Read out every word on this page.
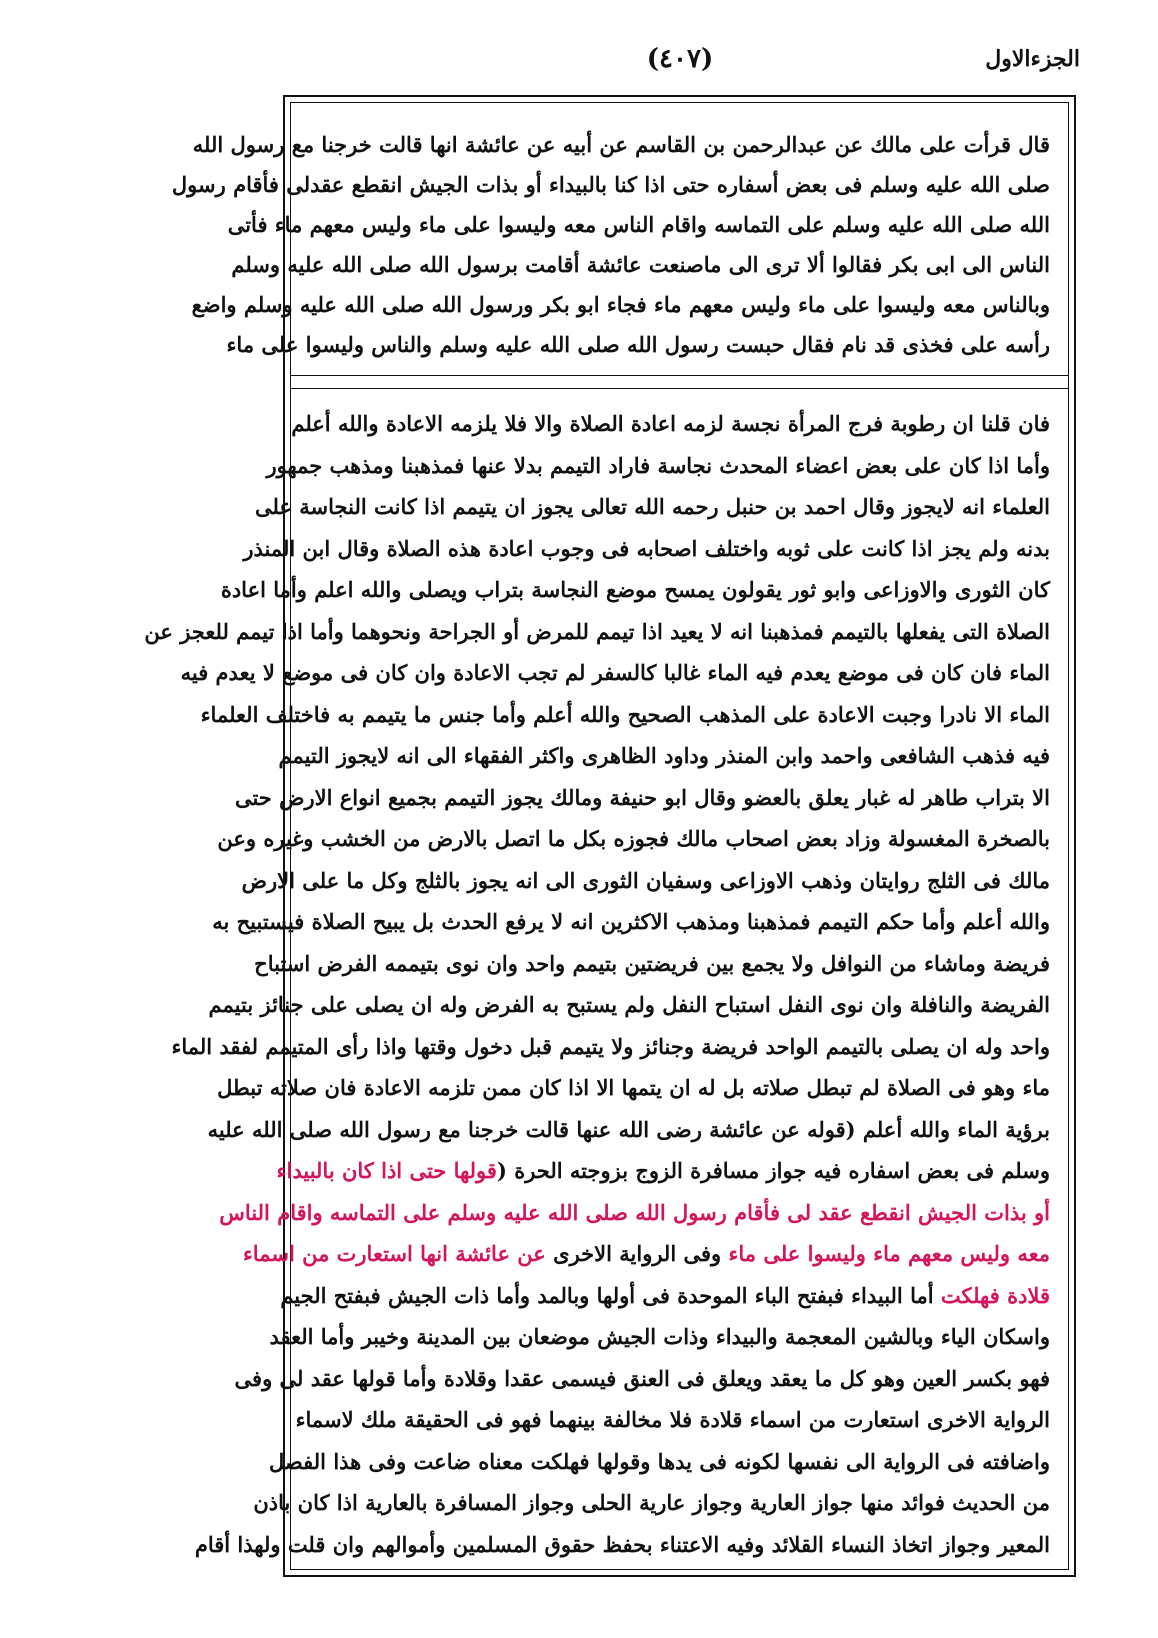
الجزءالاول
(٤٠٧)
قال قرأت على مالك عن عبدالرحمن بن القاسم عن أبيه عن عائشة انها قالت خرجنا مع رسول الله
صلى الله عليه وسلم فى بعض أسفاره حتى اذا كنا بالبيداء أو بذات الجيش انقطع عقدلى فأقام رسول
الله صلى الله عليه وسلم على التماسه واقام الناس معه وليسوا على ماء وليس معهم ماء فأتى
الناس الى ابى بكر فقالوا ألا ترى الى ماصنعت عائشة أقامت برسول الله صلى الله عليه وسلم
وبالناس معه وليسوا على ماء وليس معهم ماء فجاء ابو بكر ورسول الله صلى الله عليه وسلم واضع
رأسه على فخذى قد نام فقال حبست رسول الله صلى الله عليه وسلم والناس وليسوا على ماء
فان قلنا ان رطوبة فرج المرأة نجسة لزمه اعادة الصلاة والا فلا يلزمه الاعادة والله أعلم
وأما اذا كان على بعض اعضاء المحدث نجاسة فاراد التيمم بدلا عنها فمذهبنا ومذهب جمهور
العلماء انه لايجوز وقال احمد بن حنبل رحمه الله تعالى يجوز ان يتيمم اذا كانت النجاسة على
بدنه ولم يجز اذا كانت على ثوبه واختلف اصحابه فى وجوب اعادة هذه الصلاة وقال ابن المنذر
كان الثورى والاوزاعى وابو ثور يقولون يمسح موضع النجاسة بتراب ويصلى والله اعلم وأما اعادة
الصلاة التى يفعلها بالتيمم فمذهبنا انه لا يعيد اذا تيمم للمرض أو الجراحة ونحوهما وأما اذا تيمم للعجز عن
الماء فان كان فى موضع يعدم فيه الماء غالبا كالسفر لم تجب الاعادة وان كان فى موضع لا يعدم فيه
الماء الا نادرا وجبت الاعادة على المذهب الصحيح والله أعلم وأما جنس ما يتيمم به فاختلف العلماء
فيه فذهب الشافعى واحمد وابن المنذر وداود الظاهرى واكثر الفقهاء الى انه لايجوز التيمم
الا بتراب طاهر له غبار يعلق بالعضو وقال ابو حنيفة ومالك يجوز التيمم بجميع انواع الارض حتى
بالصخرة المغسولة وزاد بعض اصحاب مالك فجوزه بكل ما اتصل بالارض من الخشب وغيره وعن
مالك فى الثلج روايتان وذهب الاوزاعى وسفيان الثورى الى انه يجوز بالثلج وكل ما على الارض
والله أعلم وأما حكم التيمم فمذهبنا ومذهب الاكثرين انه لا يرفع الحدث بل يبيح الصلاة فيستبيح به
فريضة وماشاء من النوافل ولا يجمع بين فريضتين بتيمم واحد وان نوى بتيممه الفرض استباح
الفريضة والنافلة وان نوى النفل استباح النفل ولم يستبح به الفرض وله ان يصلى على جنائز بتيمم
واحد وله ان يصلى بالتيمم الواحد فريضة وجنائز ولا يتيمم قبل دخول وقتها واذا رأى المتيمم لفقد الماء
ماء وهو فى الصلاة لم تبطل صلاته بل له ان يتمها الا اذا كان ممن تلزمه الاعادة فان صلاته تبطل
برؤية الماء والله أعلم (قوله عن عائشة رضى الله عنها قالت خرجنا مع رسول الله صلى الله عليه
وسلم فى بعض اسفاره فيه جواز مسافرة الزوج بزوجته الحرة (قولها حتى اذا كان بالبيداء
أو بذات الجيش انقطع عقد لى فأقام رسول الله صلى الله عليه وسلم على التماسه واقام الناس
معه وليس معهم ماء وليسوا على ماء وفى الرواية الاخرى عن عائشة انها استعارت من اسماء
قلادة فهلكت أما البيداء فبفتح الباء الموحدة فى أولها وبالمد وأما ذات الجيش فبفتح الجيم
واسكان الياء وبالشين المعجمة والبيداء وذات الجيش موضعان بين المدينة وخيبر وأما العقد
فهو بكسر العين وهو كل ما يعقد ويعلق فى العنق فيسمى عقدا وقلادة وأما قولها عقد لى وفى
الرواية الاخرى استعارت من اسماء قلادة فلا مخالفة بينهما فهو فى الحقيقة ملك لاسماء
واضافته فى الرواية الى نفسها لكونه فى يدها وقولها فهلكت معناه ضاعت وفى هذا الفصل
من الحديث فوائد منها جواز العارية وجواز عارية الحلى وجواز المسافرة بالعارية اذا كان باذن
المعير وجواز اتخاذ النساء القلائد وفيه الاعتناء بحفظ حقوق المسلمين وأموالهم وان قلت ولهذا أقام
